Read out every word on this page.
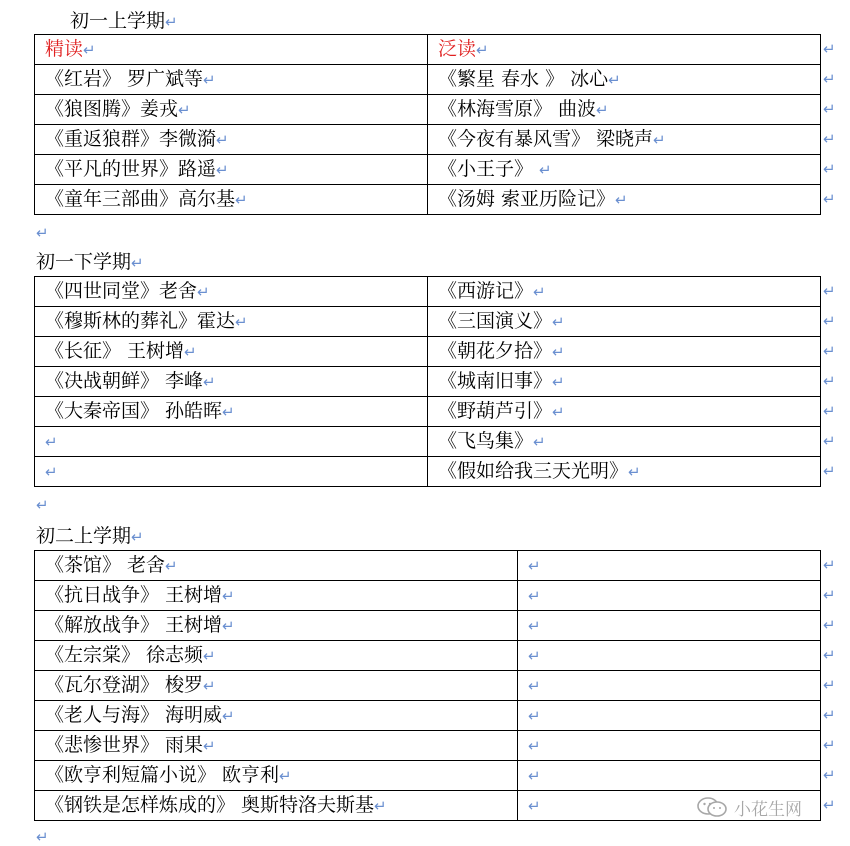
初一上学期↵
精读↵	泛读↵
《红岩》 罗广斌等↵	《繁星 春水 》 冰心↵
《狼图腾》姜戎↵	《林海雪原》 曲波↵
《重返狼群》李微漪↵	《今夜有暴风雪》 梁晓声↵
《平凡的世界》路遥↵	《小王子》 ↵
《童年三部曲》高尔基↵	《汤姆 索亚历险记》↵
↵
初一下学期↵
《四世同堂》老舍↵	《西游记》↵
《穆斯林的葬礼》霍达↵	《三国演义》↵
《长征》 王树增↵	《朝花夕拾》↵
《决战朝鲜》 李峰↵	《城南旧事》↵
《大秦帝国》 孙皓晖↵	《野葫芦引》↵
↵	《飞鸟集》↵
↵	《假如给我三天光明》↵
↵
初二上学期↵
《茶馆》 老舍↵	↵
《抗日战争》 王树增↵	↵
《解放战争》 王树增↵	↵
《左宗棠》 徐志频↵	↵
《瓦尔登湖》 梭罗↵	↵
《老人与海》 海明威↵	↵
《悲惨世界》 雨果↵	↵
《欧亨利短篇小说》 欧亨利↵	↵
《钢铁是怎样炼成的》 奥斯特洛夫斯基↵	↵
↵
↵
↵
↵
↵
↵
↵
↵
↵
↵
↵
↵
↵
↵
↵
↵
↵
↵
↵
↵
↵
↵
↵
小花生网
